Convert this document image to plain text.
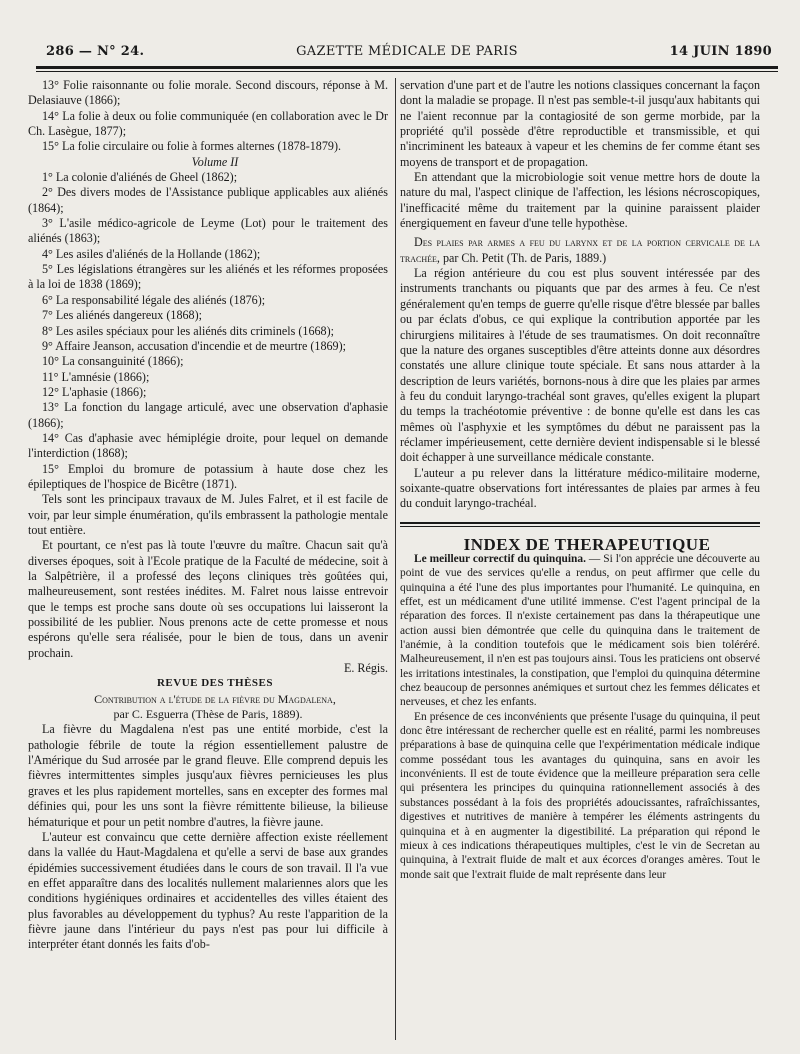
286 — N° 24.	GAZETTE MÉDICALE DE PARIS	14 JUIN 1890

13° Folie raisonnante ou folie morale. Second discours, réponse à M. Delasiauve (1866);

14° La folie à deux ou folie communiquée (en collaboration avec le Dr Ch. Lasègue, 1877);

15° La folie circulaire ou folie à formes alternes (1878-1879).

Volume II

1° La colonie d'aliénés de Gheel (1862);

2° Des divers modes de l'Assistance publique applicables aux aliénés (1864);

3° L'asile médico-agricole de Leyme (Lot) pour le traitement des aliénés (1863);

4° Les asiles d'aliénés de la Hollande (1862);

5° Les législations étrangères sur les aliénés et les réformes proposées à la loi de 1838 (1869);

6° La responsabilité légale des aliénés (1876);

7° Les aliénés dangereux (1868);

8° Les asiles spéciaux pour les aliénés dits criminels (1668);

9° Affaire Jeanson, accusation d'incendie et de meurtre (1869);

10° La consanguinité (1866);

11° L'amnésie (1866);

12° L'aphasie (1866);

13° La fonction du langage articulé, avec une observation d'aphasie (1866);

14° Cas d'aphasie avec hémiplégie droite, pour lequel on demande l'interdiction (1868);

15° Emploi du bromure de potassium à haute dose chez les épileptiques de l'hospice de Bicêtre (1871).

Tels sont les principaux travaux de M. Jules Falret, et il est facile de voir, par leur simple énumération, qu'ils embrassent la pathologie mentale tout entière.

Et pourtant, ce n'est pas là toute l'œuvre du maître. Chacun sait qu'à diverses époques, soit à l'Ecole pratique de la Faculté de médecine, soit à la Salpêtrière, il a professé des leçons cliniques très goûtées qui, malheureusement, sont restées inédites. M. Falret nous laisse entrevoir que le temps est proche sans doute où ses occupations lui laisseront la possibilité de les publier. Nous prenons acte de cette promesse et nous espérons qu'elle sera réalisée, pour le bien de tous, dans un avenir prochain.

E. Régis.

REVUE DES THÈSES

Contribution a l'étude de la fièvre du Magdalena,
par C. Esguerra (Thèse de Paris, 1889).

La fièvre du Magdalena n'est pas une entité morbide, c'est la pathologie fébrile de toute la région essentiellement palustre de l'Amérique du Sud arrosée par le grand fleuve. Elle comprend depuis les fièvres intermittentes simples jusqu'aux fièvres pernicieuses les plus graves et les plus rapidement mortelles, sans en excepter des formes mal définies qui, pour les uns sont la fièvre rémittente bilieuse, la bilieuse hématurique et pour un petit nombre d'autres, la fièvre jaune.

L'auteur est convaincu que cette dernière affection existe réellement dans la vallée du Haut-Magdalena et qu'elle a servi de base aux grandes épidémies successivement étudiées dans le cours de son travail. Il l'a vue en effet apparaître dans des localités nullement malariennes alors que les conditions hygiéniques ordinaires et accidentelles des villes étaient des plus favorables au développement du typhus? Au reste l'apparition de la fièvre jaune dans l'intérieur du pays n'est pas pour lui difficile à interpréter étant donnés les faits d'ob-

servation d'une part et de l'autre les notions classiques concernant la façon dont la maladie se propage. Il n'est pas semble-t-il jusqu'aux habitants qui ne l'aient reconnue par la contagiosité de son germe morbide, par la propriété qu'il possède d'être reproductible et transmissible, et qui n'incriminent les bateaux à vapeur et les chemins de fer comme étant ses moyens de transport et de propagation.

En attendant que la microbiologie soit venue mettre hors de doute la nature du mal, l'aspect clinique de l'affection, les lésions nécroscopiques, l'inefficacité même du traitement par la quinine paraissent plaider énergiquement en faveur d'une telle hypothèse.

Des plaies par armes a feu du larynx et de la portion cervicale de la trachée, par Ch. Petit (Th. de Paris, 1889.)

La région antérieure du cou est plus souvent intéressée par des instruments tranchants ou piquants que par des armes à feu. Ce n'est généralement qu'en temps de guerre qu'elle risque d'être blessée par balles ou par éclats d'obus, ce qui explique la contribution apportée par les chirurgiens militaires à l'étude de ses traumatismes. On doit reconnaître que la nature des organes susceptibles d'être atteints donne aux désordres constatés une allure clinique toute spéciale. Et sans nous attarder à la description de leurs variétés, bornons-nous à dire que les plaies par armes à feu du conduit laryngo-trachéal sont graves, qu'elles exigent la plupart du temps la trachéotomie préventive : de bonne qu'elle est dans les cas mêmes où l'asphyxie et les symptômes du début ne paraissent pas la réclamer impérieusement, cette dernière devient indispensable si le blessé doit échapper à une surveillance médicale constante.

L'auteur a pu relever dans la littérature médico-militaire moderne, soixante-quatre observations fort intéressantes de plaies par armes à feu du conduit laryngo-trachéal.

INDEX DE THERAPEUTIQUE

Le meilleur correctif du quinquina. — Si l'on apprécie une découverte au point de vue des services qu'elle a rendus, on peut affirmer que celle du quinquina a été l'une des plus importantes pour l'humanité. Le quinquina, en effet, est un médicament d'une utilité immense. C'est l'agent principal de la réparation des forces. Il n'existe certainement pas dans la thérapeutique une action aussi bien démontrée que celle du quinquina dans le traitement de l'anémie, à la condition toutefois que le médicament sois bien toléréré. Malheureusement, il n'en est pas toujours ainsi. Tous les praticiens ont observé les irritations intestinales, la constipation, que l'emploi du quinquina détermine chez beaucoup de personnes anémiques et surtout chez les femmes délicates et nerveuses, et chez les enfants.

En présence de ces inconvénients que présente l'usage du quinquina, il peut donc être intéressant de rechercher quelle est en réalité, parmi les nombreuses préparations à base de quinquina celle que l'expérimentation médicale indique comme possédant tous les avantages du quinquina, sans en avoir les inconvénients. Il est de toute évidence que la meilleure préparation sera celle qui présentera les principes du quinquina rationnellement associés à des substances possédant à la fois des propriétés adoucissantes, rafraîchissantes, digestives et nutritives de manière à tempérer les éléments astringents du quinquina et à en augmenter la digestibilité. La préparation qui répond le mieux à ces indications thérapeutiques multiples, c'est le vin de Secretan au quinquina, à l'extrait fluide de malt et aux écorces d'oranges amères. Tout le monde sait que l'extrait fluide de malt représente dans leur
